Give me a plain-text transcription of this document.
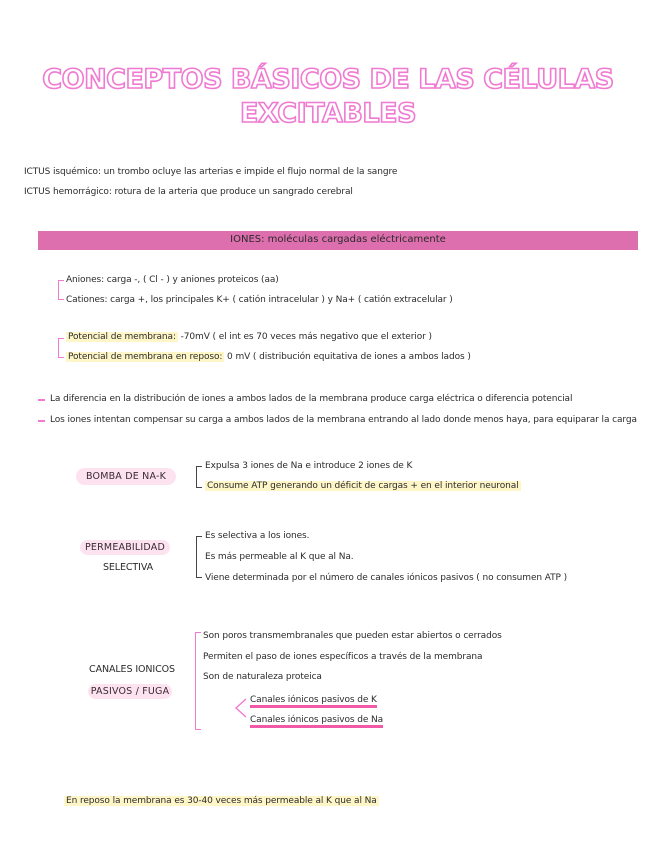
CONCEPTOS BÁSICOS DE LAS CÉLULAS
EXCITABLES
ICTUS isquémico: un trombo ocluye las arterias e impide el flujo normal de la sangre
ICTUS hemorrágico: rotura de la arteria que produce un sangrado cerebral
IONES: moléculas cargadas eléctricamente
Aniones: carga -, ( Cl - ) y aniones proteicos (aa)
Cationes: carga +, los principales K+ ( catión intracelular ) y Na+ ( catión extracelular )
Potencial de membrana: -70mV ( el int es 70 veces más negativo que el exterior )
Potencial de membrana en reposo: 0 mV ( distribución equitativa de iones a ambos lados )
La diferencia en la distribución de iones a ambos lados de la membrana produce carga eléctrica o diferencia potencial
Los iones intentan compensar su carga a ambos lados de la membrana entrando al lado donde menos haya, para equiparar la carga
BOMBA DE NA-K
Expulsa 3 iones de Na e introduce 2 iones de K
Consume ATP generando un déficit de cargas + en el interior neuronal
PERMEABILIDAD
SELECTIVA
Es selectiva a los iones.
Es más permeable al K que al Na.
Viene determinada por el número de canales iónicos pasivos ( no consumen ATP )
CANALES IONICOS
PASIVOS / FUGA
Son poros transmembranales que pueden estar abiertos o cerrados
Permiten el paso de iones específicos a través de la membrana
Son de naturaleza proteica
Canales iónicos pasivos de K
Canales iónicos pasivos de Na
En reposo la membrana es 30-40 veces más permeable al K que al Na
